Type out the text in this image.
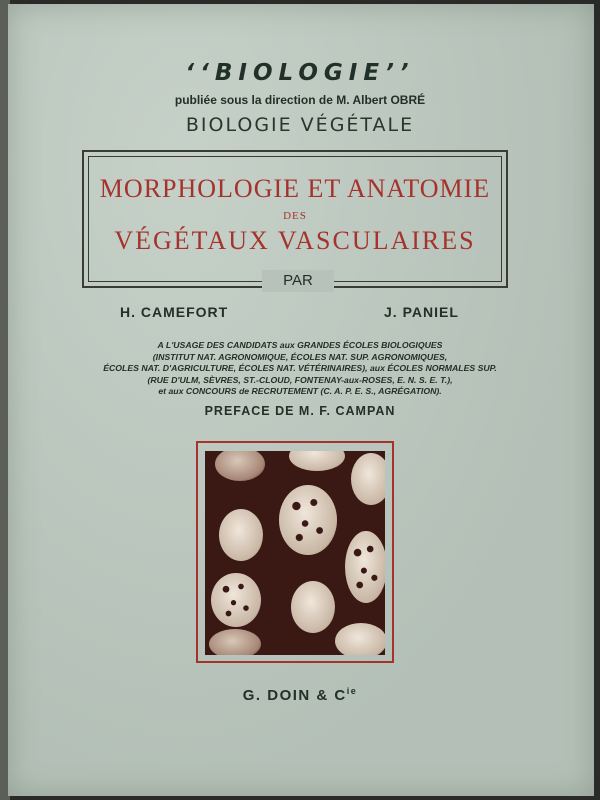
‘‘BIOLOGIE’’
publiée sous la direction de M. Albert OBRÉ
BIOLOGIE VÉGÉTALE
MORPHOLOGIE ET ANATOMIE
DES
VÉGÉTAUX VASCULAIRES
PAR
H. CAMEFORT	J. PANIEL
A L'USAGE DES CANDIDATS aux GRANDES ÉCOLES BIOLOGIQUES
(INSTITUT NAT. AGRONOMIQUE, ÉCOLES NAT. SUP. AGRONOMIQUES,
ÉCOLES NAT. D'AGRICULTURE, ÉCOLES NAT. VÉTÉRINAIRES), aux ÉCOLES NORMALES SUP.
(RUE D'ULM, SÈVRES, ST.-CLOUD, FONTENAY-aux-ROSES, E. N. S. E. T.),
et aux CONCOURS de RECRUTEMENT (C. A. P. E. S., AGRÉGATION).
PREFACE DE M. F. CAMPAN
G. DOIN & $C^{ie}$
